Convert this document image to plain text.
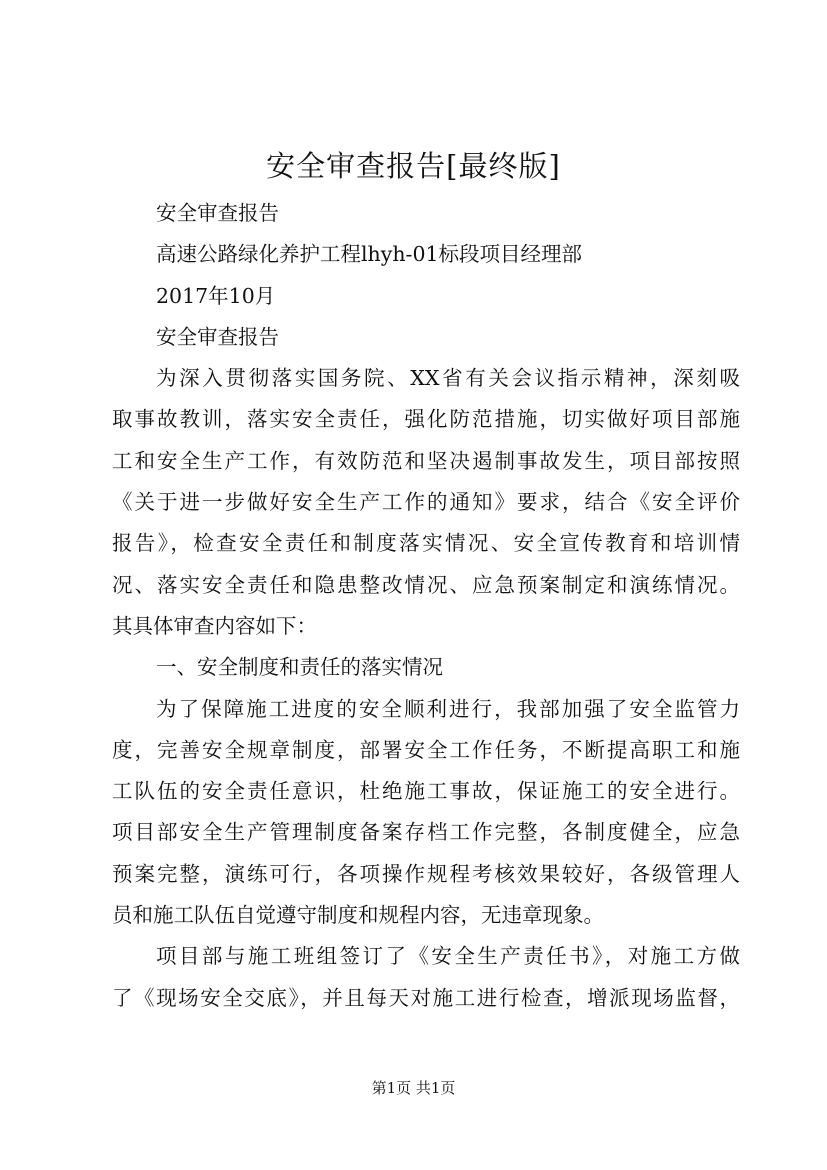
安全审查报告[最终版]

安全审查报告

高速公路绿化养护工程lhyh-01标段项目经理部

2017年10月

安全审查报告

为深入贯彻落实国务院、XX省有关会议指示精神，深刻吸

取事故教训，落实安全责任，强化防范措施，切实做好项目部施

工和安全生产工作，有效防范和坚决遏制事故发生，项目部按照

《关于进一步做好安全生产工作的通知》要求，结合《安全评价

报告》，检查安全责任和制度落实情况、安全宣传教育和培训情

况、落实安全责任和隐患整改情况、应急预案制定和演练情况。

其具体审查内容如下：

一、安全制度和责任的落实情况

为了保障施工进度的安全顺利进行，我部加强了安全监管力

度，完善安全规章制度，部署安全工作任务，不断提高职工和施

工队伍的安全责任意识，杜绝施工事故，保证施工的安全进行。

项目部安全生产管理制度备案存档工作完整，各制度健全，应急

预案完整，演练可行，各项操作规程考核效果较好，各级管理人

员和施工队伍自觉遵守制度和规程内容，无违章现象。

项目部与施工班组签订了《安全生产责任书》，对施工方做

了《现场安全交底》，并且每天对施工进行检查，增派现场监督，

第1页 共1页
